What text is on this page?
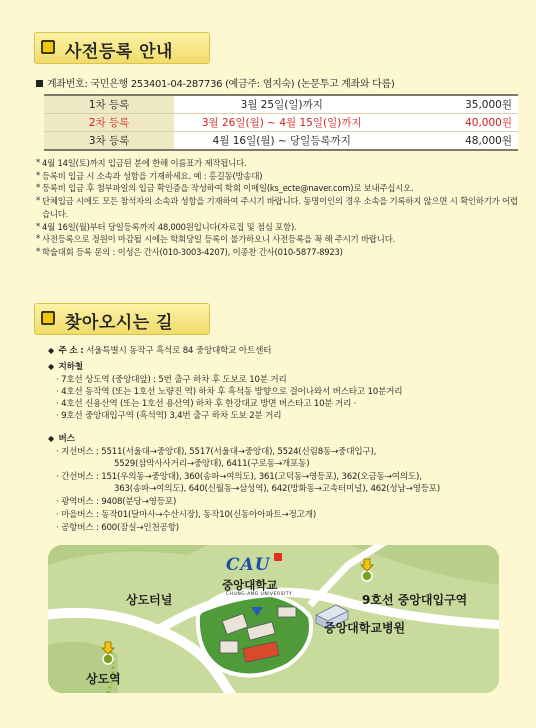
사전등록 안내
계좌번호: 국민은행 253401-04-287736 (예금주: 염지숙) (논문투고 계좌와 다름)
1차 등록	3월 25일(일)까지	35,000원
2차 등록	3월 26일(월) ~ 4월 15일(일)까지	40,000원
3차 등록	4월 16일(월) ~ 당일등록까지	48,000원
* 4월 14일(토)까지 입금된 분에 한해 이름표가 제작됩니다.
* 등록비 입금 시 소속과 성함을 기재하세요. 예 : 홍길동(방송대)
* 등록비 입금 후 첨부파일의 입금 확인증을 작성하여 학회 이메일(ks_ecte@naver.com)로 보내주십시오.
* 단체입금 시에도 모든 참석자의 소속과 성함을 기재하여 주시기 바랍니다. 동명이인의 경우 소속을 기록하지 않으면 시 확인하기가 어렵습니다.
* 4월 16일(월)부터 당일등록까지 48,000원입니다(자료집 및 점심 포함).
* 사전등록으로 정원이 마감될 시에는 학회당일 등록이 불가하오니 사전등록을 꼭 해 주시기 바랍니다.
* 학술대회 등록 문의 : 이성은 간사(010-3003-4207), 이종찬 간사(010-5877-8923)
찾아오시는 길
◆ 주 소 : 서울특별시 동작구 흑석로 84 중앙대학교 아트센터
◆ 지하철
· 7호선 상도역 (중앙대앞) : 5번 출구 하차 후 도보로 10분 거리
· 4호선 동작역 (또는 1호선 노량진 역) 하차 후 흑석동 방향으로 걸어나와서 버스타고 10분거리
· 4호선 신용산역 (또는 1호선 용산역) 하차 후 한강대교 방면 버스타고 10분 거리 ·
· 9호선 중앙대입구역 (흑석역) 3,4번 출구 하차 도보 2분 거리
◆ 버스
· 지선버스 : 5511(서울대→중앙대), 5517(서울대→중앙대), 5524(신림8동→중대입구),
5529(삼막사사거리→중앙대), 6411(구로동→개포동)
· 간선버스 : 151(우의동→중앙대), 360(송파→여의도), 361(고덕동→영등포), 362(오금동→여의도),
363(송파→여의도), 640(신월동→삼성역), 642(방화동→고속터미널), 462(성남→영등포)
· 광역버스 : 9408(분당→영등포)
· 마을버스 : 동작01(달마사→수산시장), 동작10(신동아아파트→정고개)
· 공항버스 : 600(잠실→인천공항)
CAU
중앙대학교
CHUNG-ANG UNIVERSITY
상도터널	9호선 중앙대입구역
중앙대학교병원
상도역
